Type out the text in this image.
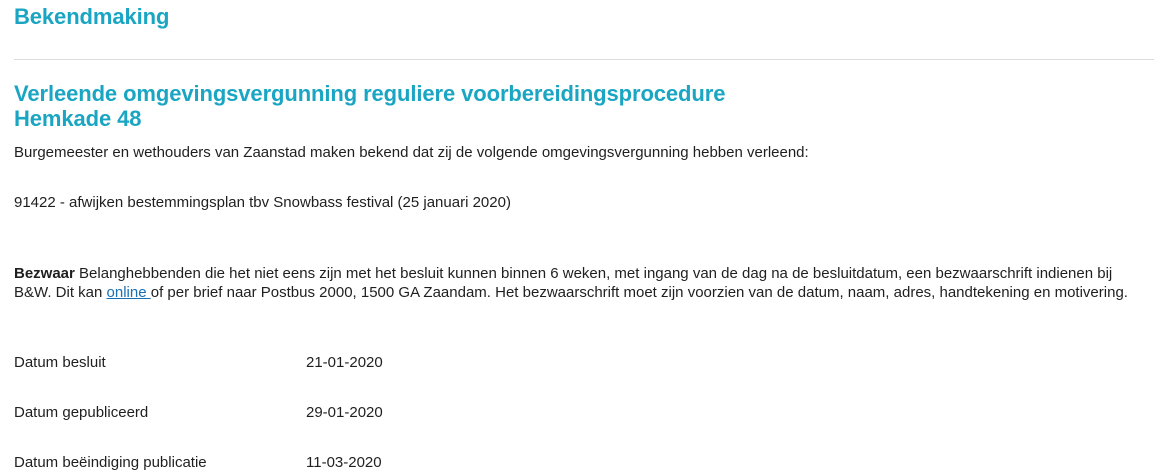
Bekendmaking
Verleende omgevingsvergunning reguliere voorbereidingsprocedure
Hemkade 48

Burgemeester en wethouders van Zaanstad maken bekend dat zij de volgende omgevingsvergunning hebben verleend:

91422 - afwijken bestemmingsplan tbv Snowbass festival (25 januari 2020)

Bezwaar Belanghebbenden die het niet eens zijn met het besluit kunnen binnen 6 weken, met ingang van de dag na de besluitdatum, een bezwaarschrift indienen bij B&W. Dit kan online of per brief naar Postbus 2000, 1500 GA Zaandam. Het bezwaarschrift moet zijn voorzien van de datum, naam, adres, handtekening en motivering.

Datum besluit	21-01-2020
Datum gepubliceerd	29-01-2020
Datum beëindiging publicatie	11-03-2020
